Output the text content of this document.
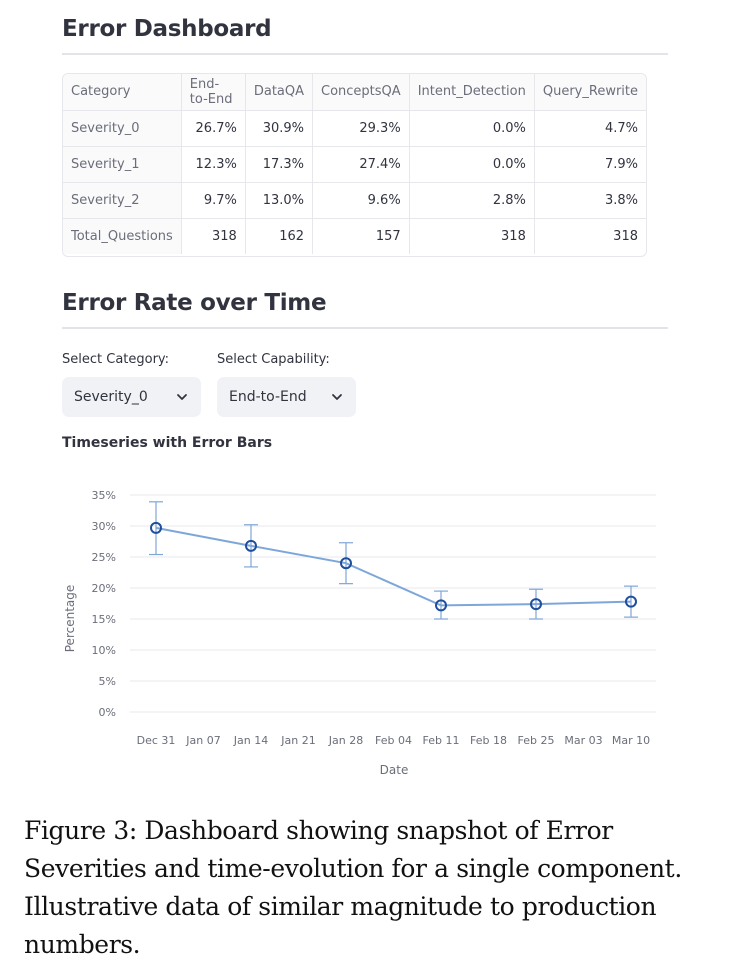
Error Dashboard
Category	End-to-End	DataQA	ConceptsQA	Intent_Detection	Query_Rewrite
Severity_0	26.7%	30.9%	29.3%	0.0%	4.7%
Severity_1	12.3%	17.3%	27.4%	0.0%	7.9%
Severity_2	9.7%	13.0%	9.6%	2.8%	3.8%
Total_Questions	318	162	157	318	318
Error Rate over Time
Select Category:
Severity_0
Select Capability:
End-to-End
Timeseries with Error Bars
0%
5%
10%
15%
20%
25%
30%
35%
Dec 31 Jan 07 Jan 14 Jan 21 Jan 28 Feb 04 Feb 11 Feb 18 Feb 25 Mar 03 Mar 10
Date
Percentage
Figure 3: Dashboard showing snapshot of Error Severities and time-evolution for a single component. Illustrative data of similar magnitude to production numbers.
